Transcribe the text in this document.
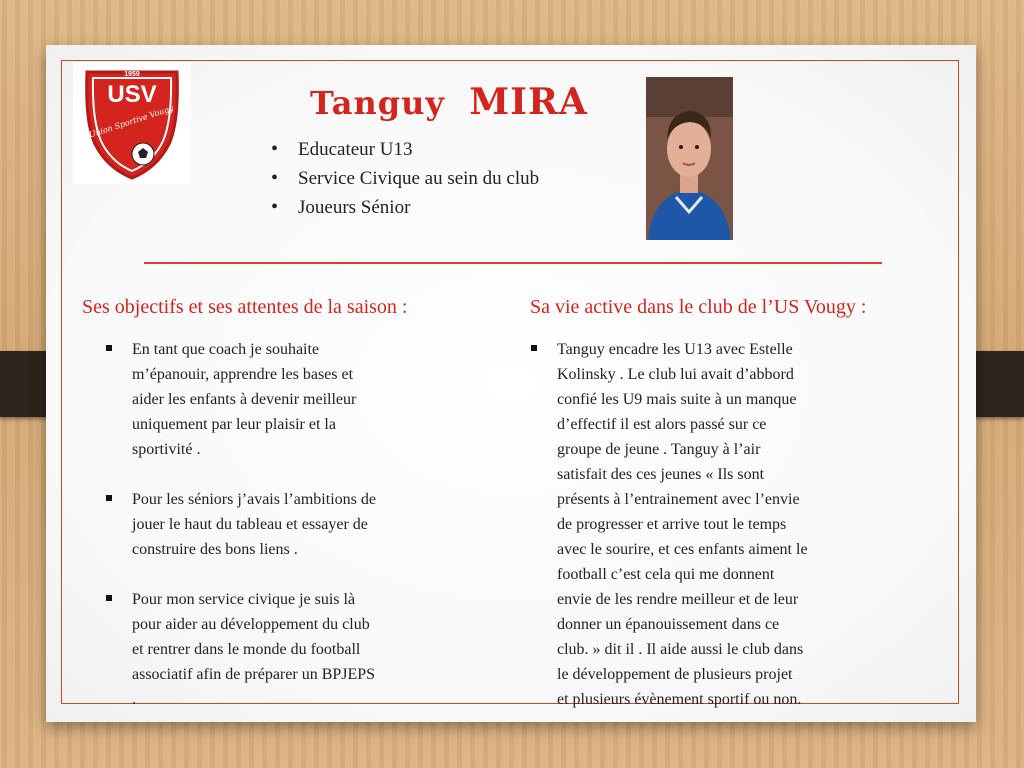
1959
USV
Union Sportive Vougy	Tanguy MIRA
• Educateur U13
• Service Civique au sein du club
• Joueurs Sénior
Ses objectifs et ses attentes de la saison :	Sa vie active dans le club de l’US Vougy :
En tant que coach je souhaite
m’épanouir, apprendre les bases et
aider les enfants à devenir meilleur
uniquement par leur plaisir et la
sportivité .
Pour les séniors j’avais l’ambitions de
jouer le haut du tableau et essayer de
construire des bons liens .
Pour mon service civique je suis là
pour aider au développement du club
et rentrer dans le monde du football
associatif afin de préparer un BPJEPS
.
Tanguy encadre les U13 avec Estelle
Kolinsky . Le club lui avait d’abbord
confié les U9 mais suite à un manque
d’effectif il est alors passé sur ce
groupe de jeune . Tanguy à l’air
satisfait des ces jeunes « Ils sont
présents à l’entrainement avec l’envie
de progresser et arrive tout le temps
avec le sourire, et ces enfants aiment le
football c’est cela qui me donnent
envie de les rendre meilleur et de leur
donner un épanouissement dans ce
club. » dit il . Il aide aussi le club dans
le développement de plusieurs projet
et plusieurs évènement sportif ou non.
